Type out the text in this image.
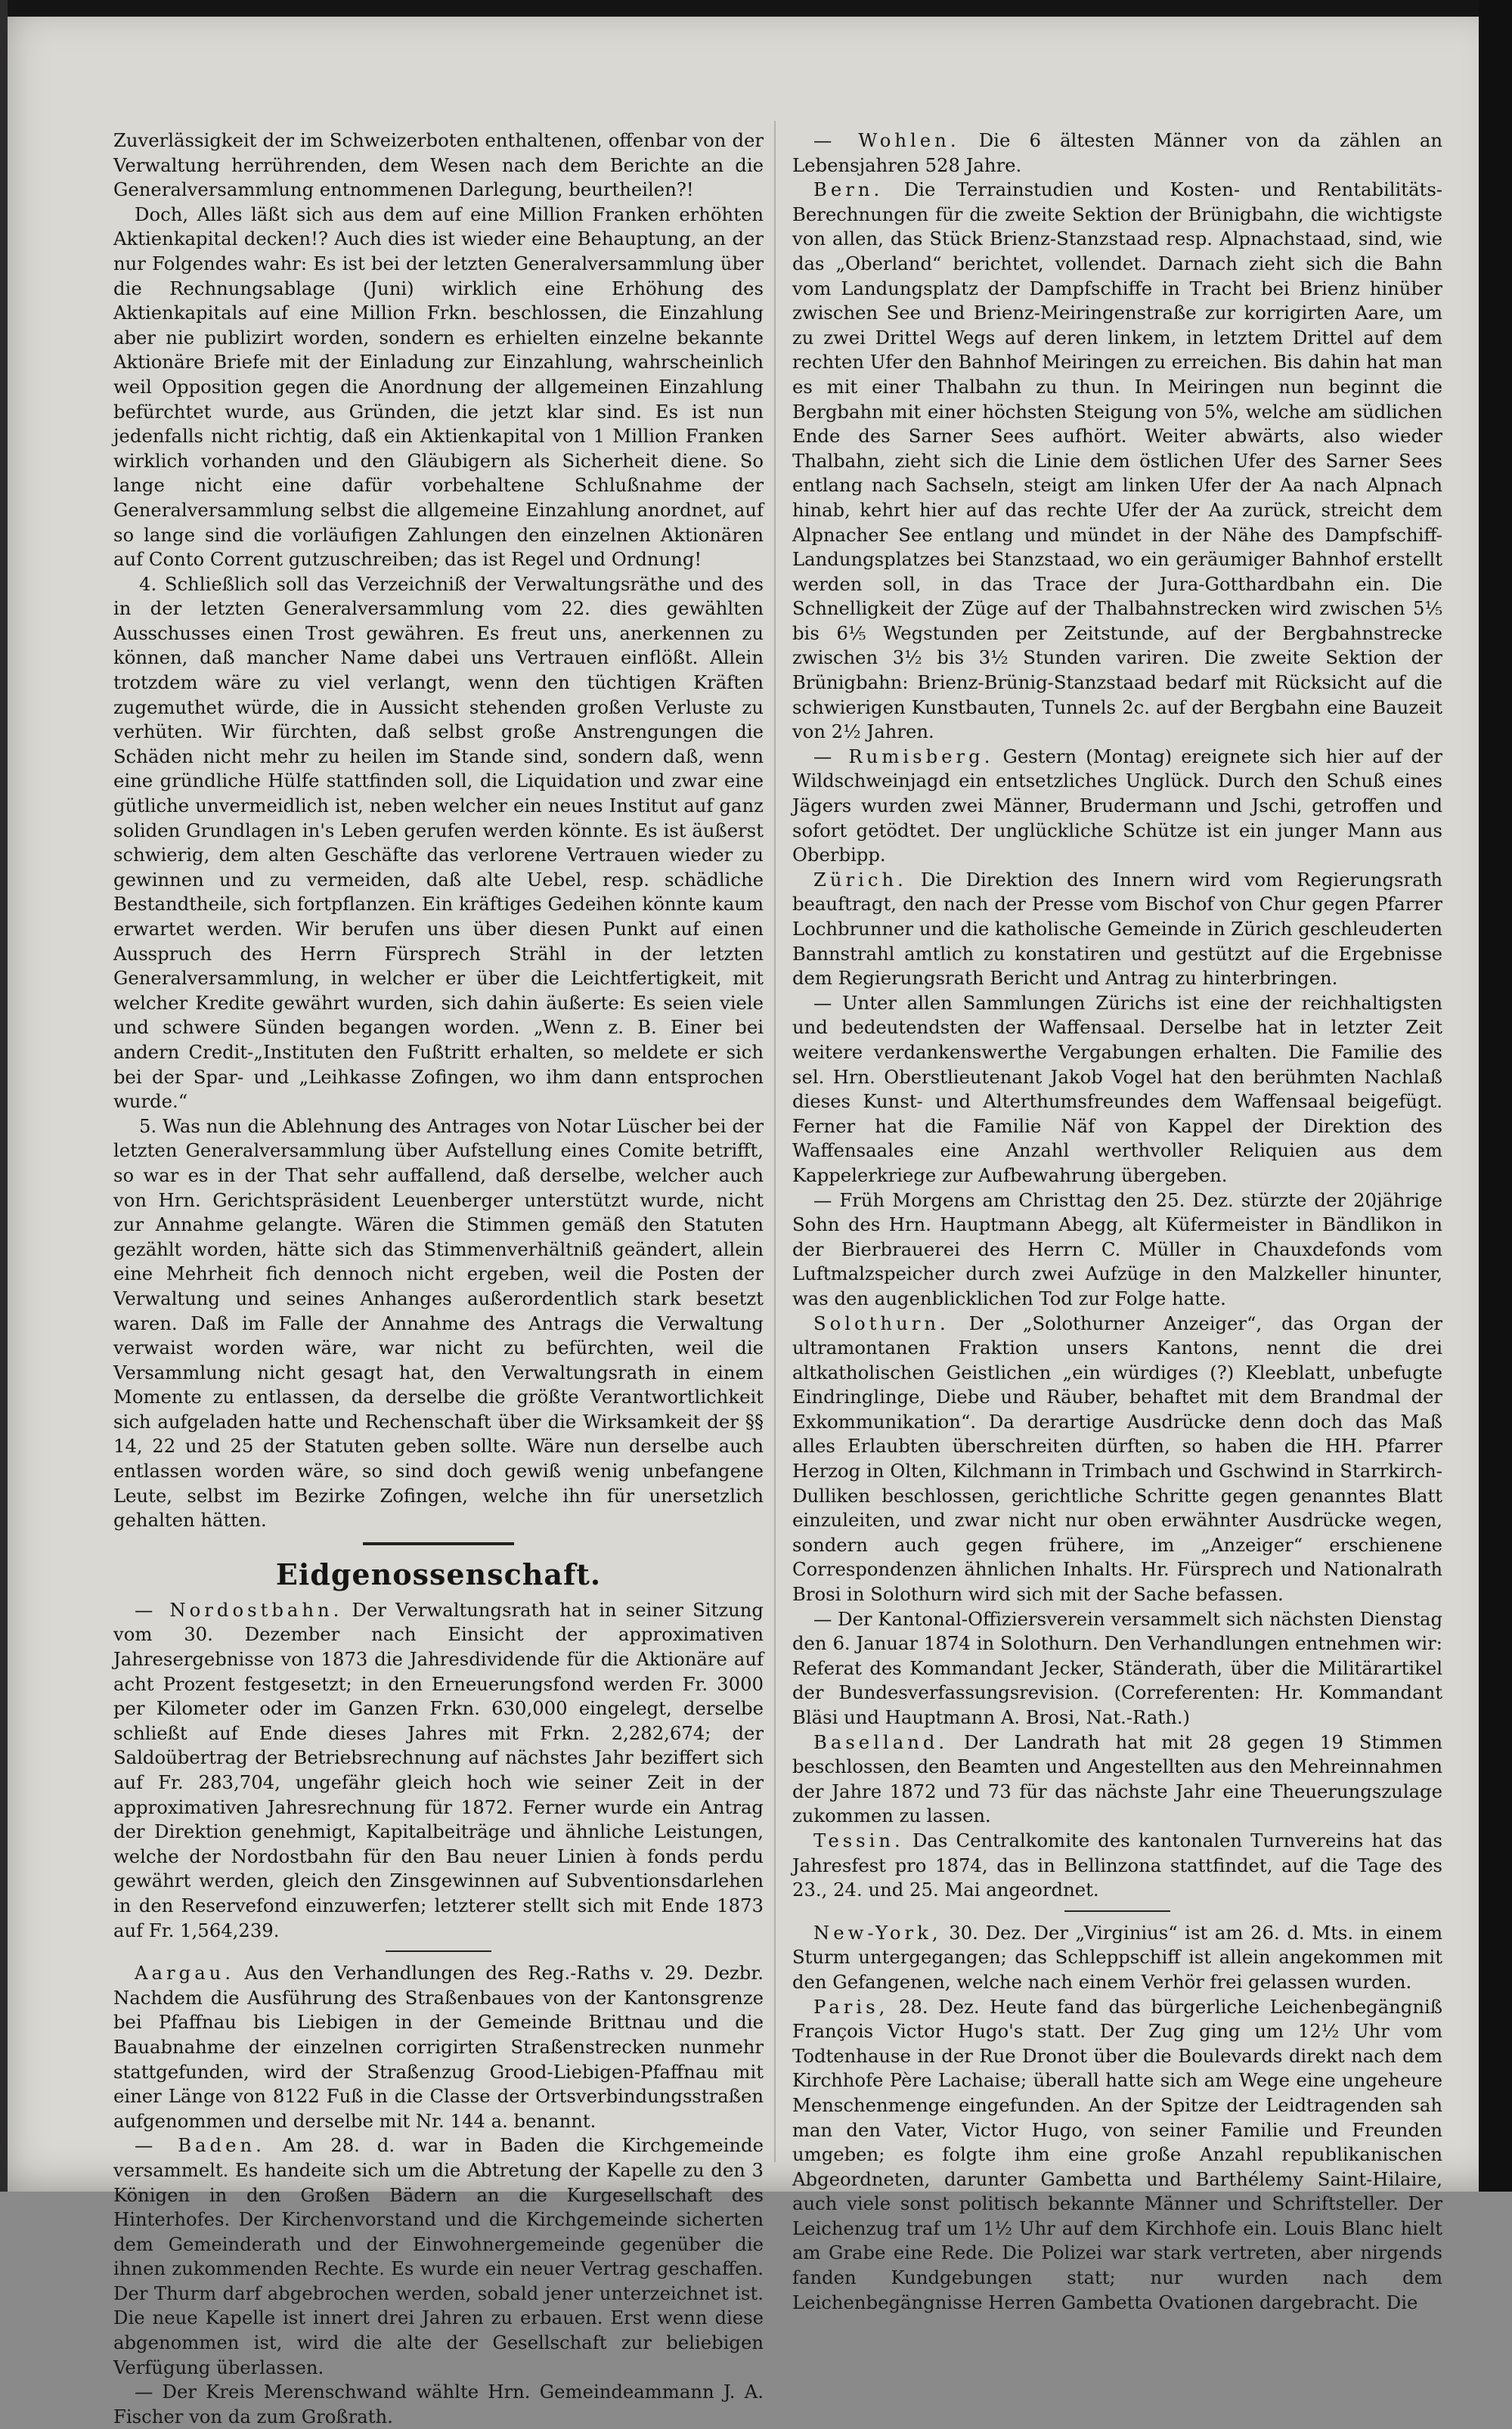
Zuverlässigkeit der im Schweizerboten enthaltenen, offenbar von der Verwaltung herrührenden, dem Wesen nach dem Berichte an die Generalversammlung entnommenen Darlegung, beurtheilen?!

Doch, Alles läßt sich aus dem auf eine Million Franken erhöhten Aktienkapital decken!? Auch dies ist wieder eine Behauptung, an der nur Folgendes wahr: Es ist bei der letzten Generalversammlung über die Rechnungsablage (Juni) wirklich eine Erhöhung des Aktienkapitals auf eine Million Frkn. beschlossen, die Einzahlung aber nie publizirt worden, sondern es erhielten einzelne bekannte Aktionäre Briefe mit der Einladung zur Einzahlung, wahrscheinlich weil Opposition gegen die Anordnung der allgemeinen Einzahlung befürchtet wurde, aus Gründen, die jetzt klar sind. Es ist nun jedenfalls nicht richtig, daß ein Aktienkapital von 1 Million Franken wirklich vorhanden und den Gläubigern als Sicherheit diene. So lange nicht eine dafür vorbehaltene Schlußnahme der Generalversammlung selbst die allgemeine Einzahlung anordnet, auf so lange sind die vorläufigen Zahlungen den einzelnen Aktionären auf Conto Corrent gutzuschreiben; das ist Regel und Ordnung!

4. Schließlich soll das Verzeichniß der Verwaltungsräthe und des in der letzten Generalversammlung vom 22. dies gewählten Ausschusses einen Trost gewähren. Es freut uns, anerkennen zu können, daß mancher Name dabei uns Vertrauen einflößt. Allein trotzdem wäre zu viel verlangt, wenn den tüchtigen Kräften zugemuthet würde, die in Aussicht stehenden großen Verluste zu verhüten. Wir fürchten, daß selbst große Anstrengungen die Schäden nicht mehr zu heilen im Stande sind, sondern daß, wenn eine gründliche Hülfe stattfinden soll, die Liquidation und zwar eine gütliche unvermeidlich ist, neben welcher ein neues Institut auf ganz soliden Grundlagen in's Leben gerufen werden könnte. Es ist äußerst schwierig, dem alten Geschäfte das verlorene Vertrauen wieder zu gewinnen und zu vermeiden, daß alte Uebel, resp. schädliche Bestandtheile, sich fortpflanzen. Ein kräftiges Gedeihen könnte kaum erwartet werden. Wir berufen uns über diesen Punkt auf einen Ausspruch des Herrn Fürsprech Strähl in der letzten Generalversammlung, in welcher er über die Leichtfertigkeit, mit welcher Kredite gewährt wurden, sich dahin äußerte: Es seien viele und schwere Sünden begangen worden. „Wenn z. B. Einer bei andern Credit-„Instituten den Fußtritt erhalten, so meldete er sich bei der Spar- und „Leihkasse Zofingen, wo ihm dann entsprochen wurde.“

5. Was nun die Ablehnung des Antrages von Notar Lüscher bei der letzten Generalversammlung über Aufstellung eines Comite betrifft, so war es in der That sehr auffallend, daß derselbe, welcher auch von Hrn. Gerichtspräsident Leuenberger unterstützt wurde, nicht zur Annahme gelangte. Wären die Stimmen gemäß den Statuten gezählt worden, hätte sich das Stimmenverhältniß geändert, allein eine Mehrheit fich dennoch nicht ergeben, weil die Posten der Verwaltung und seines Anhanges außerordentlich stark besetzt waren. Daß im Falle der Annahme des Antrags die Verwaltung verwaist worden wäre, war nicht zu befürchten, weil die Versammlung nicht gesagt hat, den Verwaltungsrath in einem Momente zu entlassen, da derselbe die größte Verantwortlichkeit sich aufgeladen hatte und Rechenschaft über die Wirksamkeit der §§ 14, 22 und 25 der Statuten geben sollte. Wäre nun derselbe auch entlassen worden wäre, so sind doch gewiß wenig unbefangene Leute, selbst im Bezirke Zofingen, welche ihn für unersetzlich gehalten hätten.

Eidgenossenschaft.

— Nordostbahn. Der Verwaltungsrath hat in seiner Sitzung vom 30. Dezember nach Einsicht der approximativen Jahresergebnisse von 1873 die Jahresdividende für die Aktionäre auf acht Prozent festgesetzt; in den Erneuerungsfond werden Fr. 3000 per Kilometer oder im Ganzen Frkn. 630,000 eingelegt, derselbe schließt auf Ende dieses Jahres mit Frkn. 2,282,674; der Saldoübertrag der Betriebsrechnung auf nächstes Jahr beziffert sich auf Fr. 283,704, ungefähr gleich hoch wie seiner Zeit in der approximativen Jahresrechnung für 1872. Ferner wurde ein Antrag der Direktion genehmigt, Kapitalbeiträge und ähnliche Leistungen, welche der Nordostbahn für den Bau neuer Linien à fonds perdu gewährt werden, gleich den Zinsgewinnen auf Subventionsdarlehen in den Reservefond einzuwerfen; letzterer stellt sich mit Ende 1873 auf Fr. 1,564,239.

Aargau. Aus den Verhandlungen des Reg.-Raths v. 29. Dezbr. Nachdem die Ausführung des Straßenbaues von der Kantonsgrenze bei Pfaffnau bis Liebigen in der Gemeinde Brittnau und die Bauabnahme der einzelnen corrigirten Straßenstrecken nunmehr stattgefunden, wird der Straßenzug Grood-Liebigen-Pfaffnau mit einer Länge von 8122 Fuß in die Classe der Ortsverbindungsstraßen aufgenommen und derselbe mit Nr. 144 a. benannt.

— Baden. Am 28. d. war in Baden die Kirchgemeinde versammelt. Es handeite sich um die Abtretung der Kapelle zu den 3 Königen in den Großen Bädern an die Kurgesellschaft des Hinterhofes. Der Kirchenvorstand und die Kirchgemeinde sicherten dem Gemeinderath und der Einwohnergemeinde gegenüber die ihnen zukommenden Rechte. Es wurde ein neuer Vertrag geschaffen. Der Thurm darf abgebrochen werden, sobald jener unterzeichnet ist. Die neue Kapelle ist innert drei Jahren zu erbauen. Erst wenn diese abgenommen ist, wird die alte der Gesellschaft zur beliebigen Verfügung überlassen.

— Der Kreis Merenschwand wählte Hrn. Gemeindeammann J. A. Fischer von da zum Großrath.

— Wohlen. Die 6 ältesten Männer von da zählen an Lebensjahren 528 Jahre.

Bern. Die Terrainstudien und Kosten- und Rentabilitäts-Berechnungen für die zweite Sektion der Brünigbahn, die wichtigste von allen, das Stück Brienz-Stanzstaad resp. Alpnachstaad, sind, wie das „Oberland“ berichtet, vollendet. Darnach zieht sich die Bahn vom Landungsplatz der Dampfschiffe in Tracht bei Brienz hinüber zwischen See und Brienz-Meiringenstraße zur korrigirten Aare, um zu zwei Drittel Wegs auf deren linkem, in letztem Drittel auf dem rechten Ufer den Bahnhof Meiringen zu erreichen. Bis dahin hat man es mit einer Thalbahn zu thun. In Meiringen nun beginnt die Bergbahn mit einer höchsten Steigung von 5%, welche am südlichen Ende des Sarner Sees aufhört. Weiter abwärts, also wieder Thalbahn, zieht sich die Linie dem östlichen Ufer des Sarner Sees entlang nach Sachseln, steigt am linken Ufer der Aa nach Alpnach hinab, kehrt hier auf das rechte Ufer der Aa zurück, streicht dem Alpnacher See entlang und mündet in der Nähe des Dampfschiff-Landungsplatzes bei Stanzstaad, wo ein geräumiger Bahnhof erstellt werden soll, in das Trace der Jura-Gotthardbahn ein. Die Schnelligkeit der Züge auf der Thalbahnstrecken wird zwischen 5⅕ bis 6⅕ Wegstunden per Zeitstunde, auf der Bergbahnstrecke zwischen 3½ bis 3½ Stunden variren. Die zweite Sektion der Brünigbahn: Brienz-Brünig-Stanzstaad bedarf mit Rücksicht auf die schwierigen Kunstbauten, Tunnels 2c. auf der Bergbahn eine Bauzeit von 2½ Jahren.

— Rumisberg. Gestern (Montag) ereignete sich hier auf der Wildschweinjagd ein entsetzliches Unglück. Durch den Schuß eines Jägers wurden zwei Männer, Brudermann und Jschi, getroffen und sofort getödtet. Der unglückliche Schütze ist ein junger Mann aus Oberbipp.

Zürich. Die Direktion des Innern wird vom Regierungsrath beauftragt, den nach der Presse vom Bischof von Chur gegen Pfarrer Lochbrunner und die katholische Gemeinde in Zürich geschleuderten Bannstrahl amtlich zu konstatiren und gestützt auf die Ergebnisse dem Regierungsrath Bericht und Antrag zu hinterbringen.

— Unter allen Sammlungen Zürichs ist eine der reichhaltigsten und bedeutendsten der Waffensaal. Derselbe hat in letzter Zeit weitere verdankenswerthe Vergabungen erhalten. Die Familie des sel. Hrn. Oberstlieutenant Jakob Vogel hat den berühmten Nachlaß dieses Kunst- und Alterthumsfreundes dem Waffensaal beigefügt. Ferner hat die Familie Näf von Kappel der Direktion des Waffensaales eine Anzahl werthvoller Reliquien aus dem Kappelerkriege zur Aufbewahrung übergeben.

— Früh Morgens am Christtag den 25. Dez. stürzte der 20jährige Sohn des Hrn. Hauptmann Abegg, alt Küfermeister in Bändlikon in der Bierbrauerei des Herrn C. Müller in Chauxdefonds vom Luftmalzspeicher durch zwei Aufzüge in den Malzkeller hinunter, was den augenblicklichen Tod zur Folge hatte.

Solothurn. Der „Solothurner Anzeiger“, das Organ der ultramontanen Fraktion unsers Kantons, nennt die drei altkatholischen Geistlichen „ein würdiges (?) Kleeblatt, unbefugte Eindringlinge, Diebe und Räuber, behaftet mit dem Brandmal der Exkommunikation“. Da derartige Ausdrücke denn doch das Maß alles Erlaubten überschreiten dürften, so haben die HH. Pfarrer Herzog in Olten, Kilchmann in Trimbach und Gschwind in Starrkirch-Dulliken beschlossen, gerichtliche Schritte gegen genanntes Blatt einzuleiten, und zwar nicht nur oben erwähnter Ausdrücke wegen, sondern auch gegen frühere, im „Anzeiger“ erschienene Correspondenzen ähnlichen Inhalts. Hr. Fürsprech und Nationalrath Brosi in Solothurn wird sich mit der Sache befassen.

— Der Kantonal-Offiziersverein versammelt sich nächsten Dienstag den 6. Januar 1874 in Solothurn. Den Verhandlungen entnehmen wir: Referat des Kommandant Jecker, Ständerath, über die Militärartikel der Bundesverfassungsrevision. (Correferenten: Hr. Kommandant Bläsi und Hauptmann A. Brosi, Nat.-Rath.)

Baselland. Der Landrath hat mit 28 gegen 19 Stimmen beschlossen, den Beamten und Angestellten aus den Mehreinnahmen der Jahre 1872 und 73 für das nächste Jahr eine Theuerungszulage zukommen zu lassen.

Tessin. Das Centralkomite des kantonalen Turnvereins hat das Jahresfest pro 1874, das in Bellinzona stattfindet, auf die Tage des 23., 24. und 25. Mai angeordnet.

New-York, 30. Dez. Der „Virginius“ ist am 26. d. Mts. in einem Sturm untergegangen; das Schleppschiff ist allein angekommen mit den Gefangenen, welche nach einem Verhör frei gelassen wurden.

Paris, 28. Dez. Heute fand das bürgerliche Leichenbegängniß François Victor Hugo's statt. Der Zug ging um 12½ Uhr vom Todtenhause in der Rue Dronot über die Boulevards direkt nach dem Kirchhofe Père Lachaise; überall hatte sich am Wege eine ungeheure Menschenmenge eingefunden. An der Spitze der Leidtragenden sah man den Vater, Victor Hugo, von seiner Familie und Freunden umgeben; es folgte ihm eine große Anzahl republikanischen Abgeordneten, darunter Gambetta und Barthélemy Saint-Hilaire, auch viele sonst politisch bekannte Männer und Schriftsteller. Der Leichenzug traf um 1½ Uhr auf dem Kirchhofe ein. Louis Blanc hielt am Grabe eine Rede. Die Polizei war stark vertreten, aber nirgends fanden Kundgebungen statt; nur wurden nach dem Leichenbegängnisse Herren Gambetta Ovationen dargebracht. Die
